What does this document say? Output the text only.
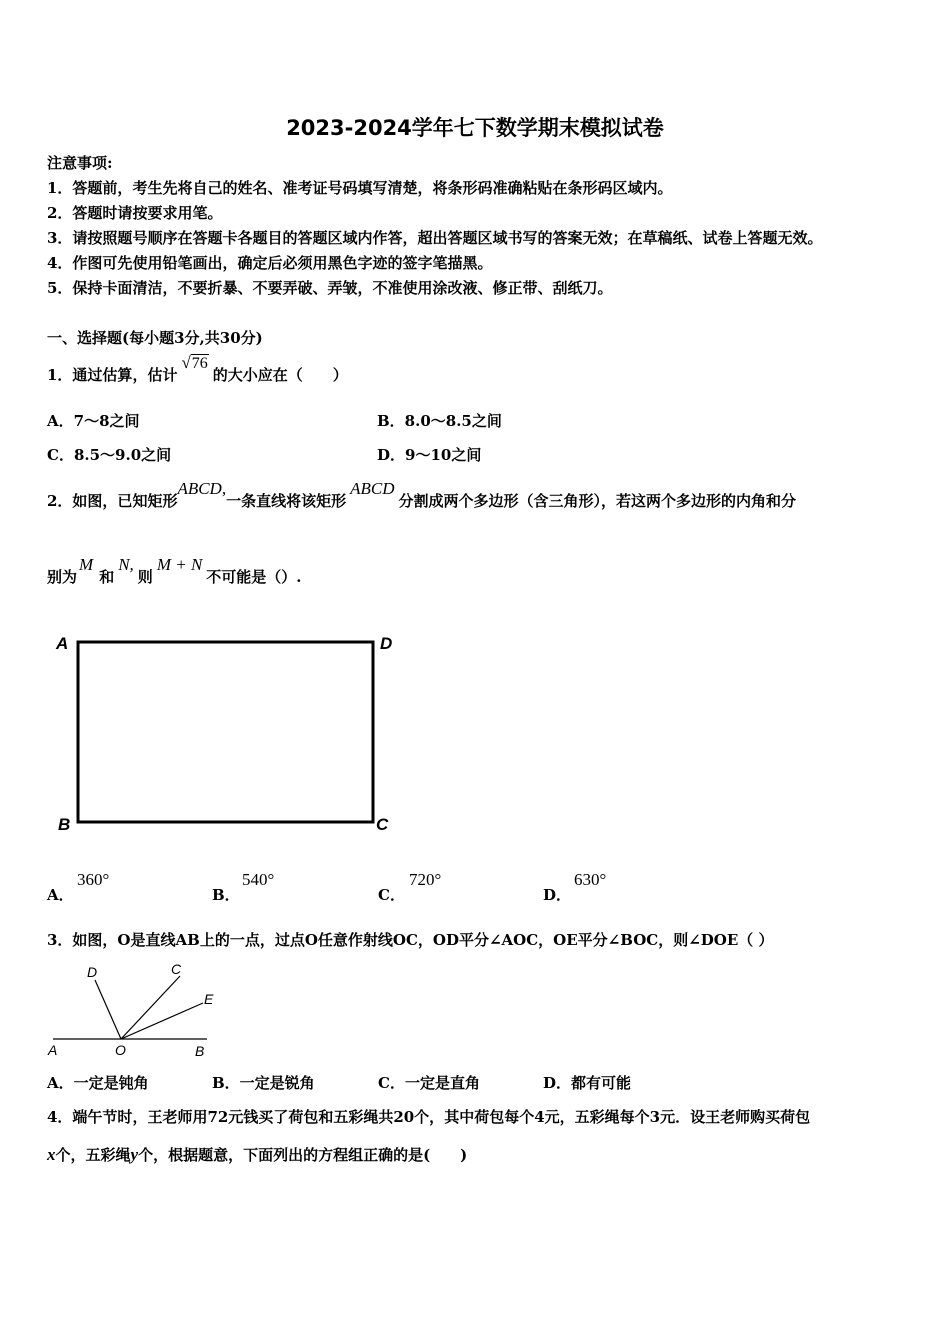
2023-2024学年七下数学期末模拟试卷
注意事项:
1．答题前，考生先将自己的姓名、准考证号码填写清楚，将条形码准确粘贴在条形码区域内。
2．答题时请按要求用笔。
3．请按照题号顺序在答题卡各题目的答题区域内作答，超出答题区域书写的答案无效；在草稿纸、试卷上答题无效。
4．作图可先使用铅笔画出，确定后必须用黑色字迹的签字笔描黑。
5．保持卡面清洁，不要折暴、不要弄破、弄皱，不准使用涂改液、修正带、刮纸刀。
一、选择题(每小题3分,共30分)
1．通过估算，估计√76的大小应在（　　）
A．7～8之间	B．8.0～8.5之间
C．8.5～9.0之间	D．9～10之间
2．如图，已知矩形ABCD,一条直线将该矩形ABCD分割成两个多边形（含三角形），若这两个多边形的内角和分
别为M和N,则M + N不可能是（）.
A	D
B	C
A．
360°
B．
540°
C．
720°
D．
630°
3．如图，O是直线AB上的一点，过点O任意作射线OC，OD平分∠AOC，OE平分∠BOC，则∠DOE（ ）
D	C
E
A	O	B
A．一定是钝角	B．一定是锐角	C．一定是直角	D．都有可能
4．端午节时，王老师用72元钱买了荷包和五彩绳共20个，其中荷包每个4元，五彩绳每个3元．设王老师购买荷包
x个，五彩绳y个，根据题意，下面列出的方程组正确的是(　　)
